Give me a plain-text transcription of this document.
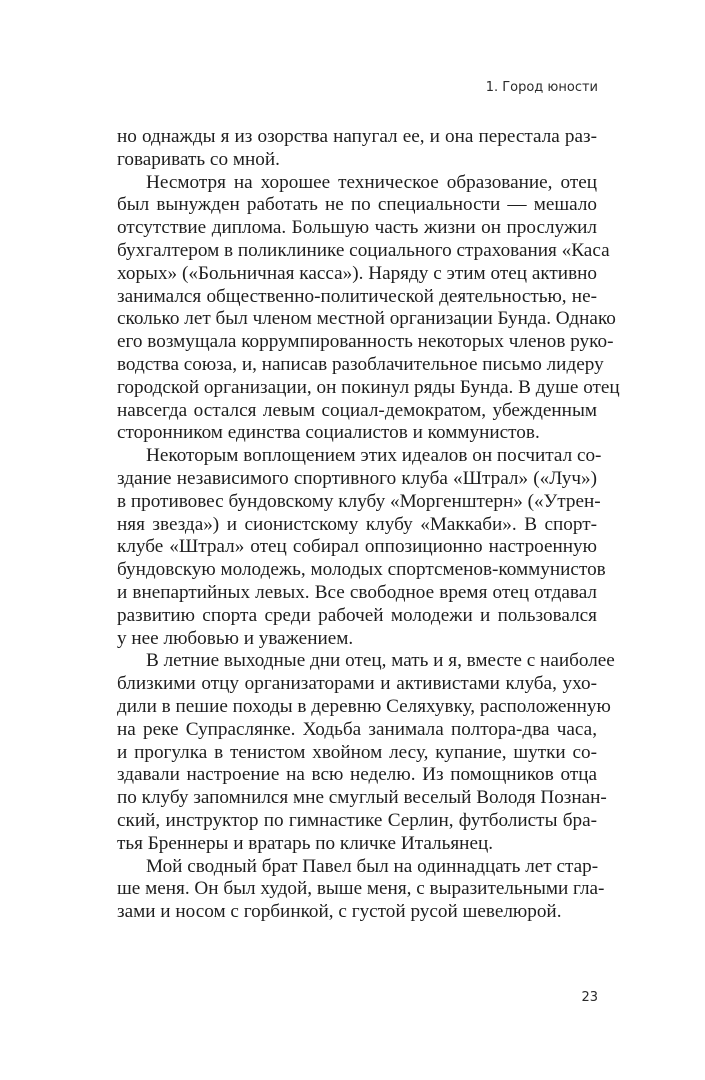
1. Город юности

но однажды я из озорства напугал ее, и она перестала раз-
говаривать со мной.

Несмотря на хорошее техническое образование, отец
был вынужден работать не по специальности — мешало
отсутствие диплома. Большую часть жизни он прослужил
бухгалтером в поликлинике социального страхования «Каса
хорых» («Больничная касса»). Наряду с этим отец активно
занимался общественно-политической деятельностью, не-
сколько лет был членом местной организации Бунда. Однако
его возмущала коррумпированность некоторых членов руко-
водства союза, и, написав разоблачительное письмо лидеру
городской организации, он покинул ряды Бунда. В душе отец
навсегда остался левым социал-демократом, убежденным
сторонником единства социалистов и коммунистов.

Некоторым воплощением этих идеалов он посчитал со-
здание независимого спортивного клуба «Штрал» («Луч»)
в противовес бундовскому клубу «Моргенштерн» («Утрен-
няя звезда») и сионистскому клубу «Маккаби». В спорт-
клубе «Штрал» отец собирал оппозиционно настроенную
бундовскую молодежь, молодых спортсменов-коммунистов
и внепартийных левых. Все свободное время отец отдавал
развитию спорта среди рабочей молодежи и пользовался
у нее любовью и уважением.

В летние выходные дни отец, мать и я, вместе с наиболее
близкими отцу организаторами и активистами клуба, ухо-
дили в пешие походы в деревню Селяхувку, расположенную
на реке Супраслянке. Ходьба занимала полтора-два часа,
и прогулка в тенистом хвойном лесу, купание, шутки со-
здавали настроение на всю неделю. Из помощников отца
по клубу запомнился мне смуглый веселый Володя Познан-
ский, инструктор по гимнастике Серлин, футболисты бра-
тья Бреннеры и вратарь по кличке Итальянец.

Мой сводный брат Павел был на одиннадцать лет стар-
ше меня. Он был худой, выше меня, с выразительными гла-
зами и носом с горбинкой, с густой русой шевелюрой.

23
